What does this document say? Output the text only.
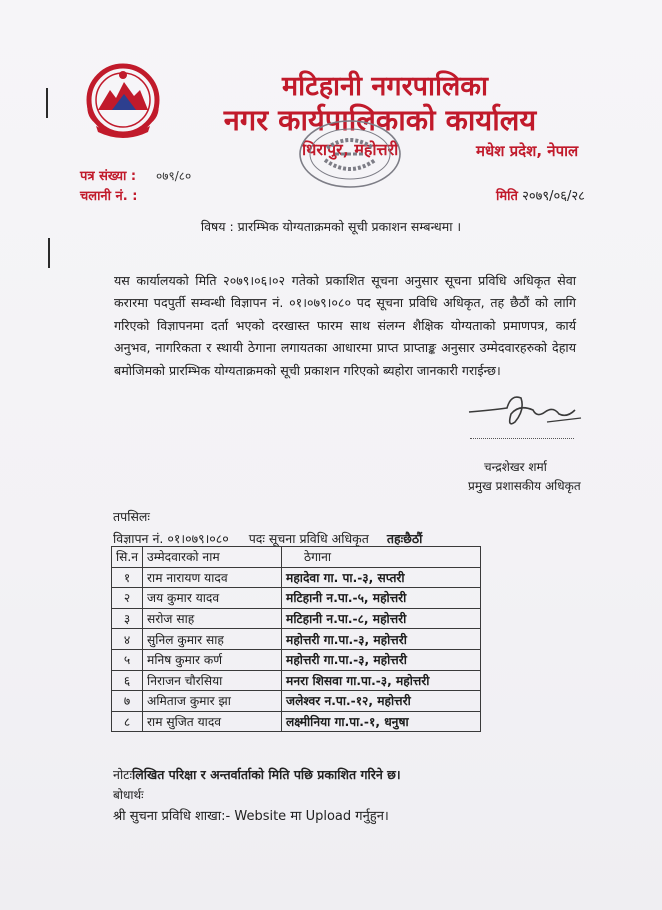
मटिहानी नगरपालिका
नगर कार्यपालिकाको कार्यालय
थिरापुर, महोत्तरी	मधेश प्रदेश, नेपाल
पत्र संख्या : ०७९/८०
चलानी नं. :	मिति २०७९/०६/२८
विषय : प्रारम्भिक योग्यताक्रमको सूची प्रकाशन सम्बन्धमा ।
यस कार्यालयको मिति २०७९।०६।०२ गतेको प्रकाशित सूचना अनुसार सूचना प्रविधि अधिकृत सेवा करारमा पदपुर्ती सम्वन्धी विज्ञापन नं. ०१।०७९।०८० पद सूचना प्रविधि अधिकृत, तह छैठौं को लागि गरिएको विज्ञापनमा दर्ता भएको दरखास्त फारम साथ संलग्न शैक्षिक योग्यताको प्रमाणपत्र, कार्य अनुभव, नागरिकता र स्थायी ठेगाना लगायतका आधारमा प्राप्त प्राप्ताङ्क अनुसार उम्मेदवारहरुको देहाय बमोजिमको प्रारम्भिक योग्यताक्रमको सूची प्रकाशन गरिएको ब्यहोरा जानकारी गराईन्छ।
चन्द्रशेखर शर्मा
प्रमुख प्रशासकीय अधिकृत
तपसिलः
विज्ञापन नं. ०१।०७९।०८० पदः सूचना प्रविधि अधिकृत तहःछैठौं
सि.न	उम्मेदवारको नाम	ठेगाना
१	राम नारायण यादव	महादेवा गा. पा.-३, सप्तरी
२	जय कुमार यादव	मटिहानी न.पा.-५, महोत्तरी
३	सरोज साह	मटिहानी न.पा.-८, महोत्तरी
४	सुनिल कुमार साह	महोत्तरी गा.पा.-३, महोत्तरी
५	मनिष कुमार कर्ण	महोत्तरी गा.पा.-३, महोत्तरी
६	निराजन चौरसिया	मनरा शिसवा गा.पा.-३, महोत्तरी
७	अमिताज कुमार झा	जलेश्वर न.पा.-१२, महोत्तरी
८	राम सुजित यादव	लक्ष्मीनिया गा.पा.-१, धनुषा
नोटःलिखित परिक्षा र अन्तर्वार्ताको मिति पछि प्रकाशित गरिने छ।
बोधार्थः
श्री सुचना प्रविधि शाखा:- Website मा Upload गर्नुहुन।
